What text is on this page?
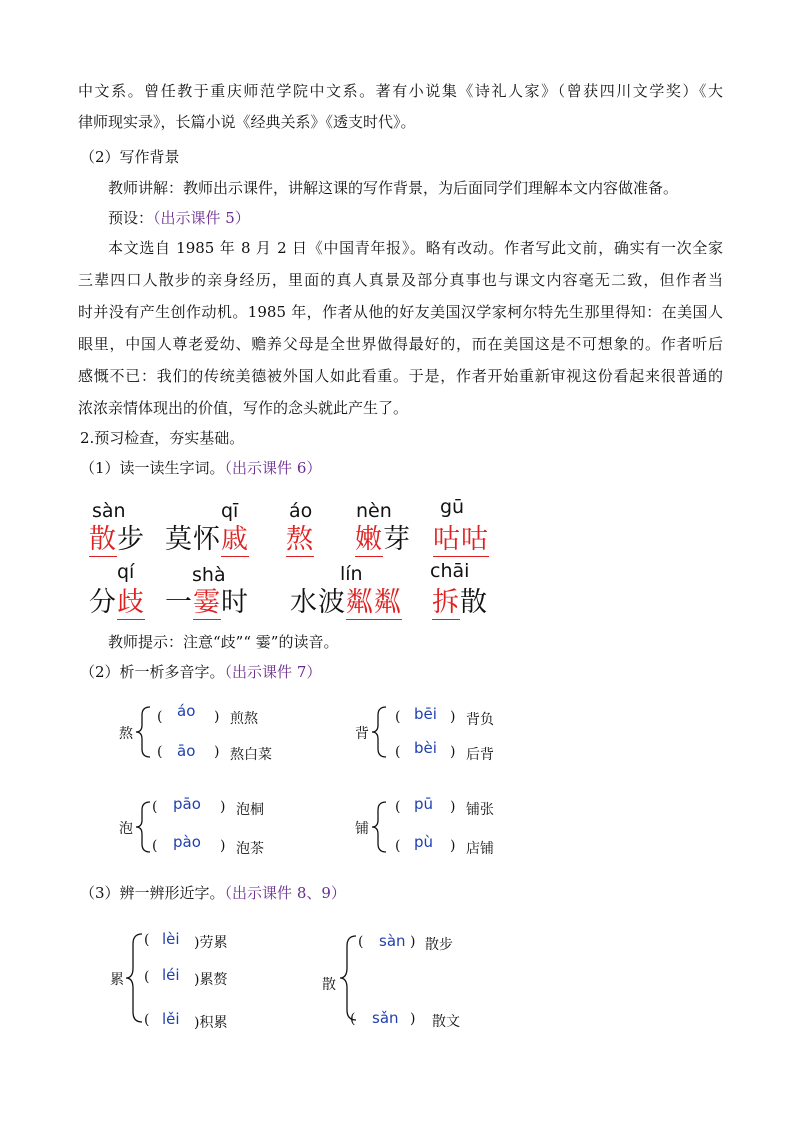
中文系。曾任教于重庆师范学院中文系。著有小说集《诗礼人家》（曾获四川文学奖）《大

律师现实录》，长篇小说《经典关系》《透支时代》。

（2）写作背景
教师讲解：教师出示课件，讲解这课的写作背景，为后面同学们理解本文内容做准备。
预设：（出示课件 5）

本文选自 1985 年 8 月 2 日《中国青年报》。略有改动。作者写此文前，确实有一次全家

三辈四口人散步的亲身经历，里面的真人真景及部分真事也与课文内容毫无二致，但作者当

时并没有产生创作动机。1985 年，作者从他的好友美国汉学家柯尔特先生那里得知：在美国人

眼里，中国人尊老爱幼、赡养父母是全世界做得最好的，而在美国这是不可想象的。作者听后

感慨不已：我们的传统美德被外国人如此看重。于是，作者开始重新审视这份看起来很普通的

浓浓亲情体现出的价值，写作的念头就此产生了。

2.预习检查，夯实基础。
（1）读一读生字词。（出示课件 6）
sàn
散步
qī
莫怀戚
áo
熬
nèn
嫩芽
gū
咕咕
qí
分歧
shà
一霎时
lín
水波粼粼
chāi
拆散
教师提示：注意“歧”“ 霎”的读音。
（2）析一析多音字。（出示课件 7）
熬
( áo ) 煎熬
( āo ) 熬白菜
背
( bēi ) 背负
( bèi ) 后背
泡
( pāo ) 泡桐
( pào ) 泡茶
铺
( pū ) 铺张
( pù ) 店铺
（3）辨一辨形近字。（出示课件 8、9）
累
( lèi )劳累
( léi )累赘
( lěi )积累
散
( sàn ) 散步
( sǎn ) 散文
